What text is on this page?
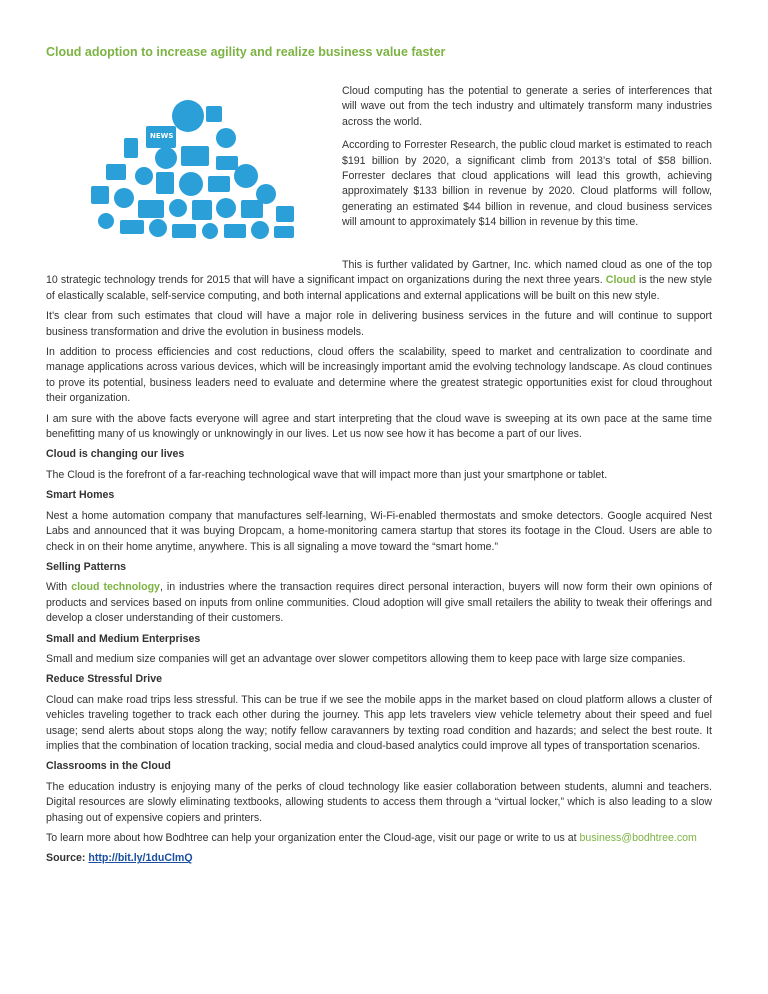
Cloud adoption to increase agility and realize business value faster
NEWS

Cloud computing has the potential to generate a series of interferences that will wave out from the tech industry and ultimately transform many industries across the world.

According to Forrester Research, the public cloud market is estimated to reach $191 billion by 2020, a significant climb from 2013’s total of $58 billion. Forrester declares that cloud applications will lead this growth, achieving approximately $133 billion in revenue by 2020. Cloud platforms will follow, generating an estimated $44 billion in revenue, and cloud business services will amount to approximately $14 billion in revenue by this time.

This is further validated by Gartner, Inc. which named cloud as one of the top 10 strategic technology trends for 2015 that will have a significant impact on organizations during the next three years. Cloud is the new style of elastically scalable, self-service computing, and both internal applications and external applications will be built on this new style.

It’s clear from such estimates that cloud will have a major role in delivering business services in the future and will continue to support business transformation and drive the evolution in business models.

In addition to process efficiencies and cost reductions, cloud offers the scalability, speed to market and centralization to coordinate and manage applications across various devices, which will be increasingly important amid the evolving technology landscape. As cloud continues to prove its potential, business leaders need to evaluate and determine where the greatest strategic opportunities exist for cloud throughout their organization.

I am sure with the above facts everyone will agree and start interpreting that the cloud wave is sweeping at its own pace at the same time benefitting many of us knowingly or unknowingly in our lives. Let us now see how it has become a part of our lives.

Cloud is changing our lives

The Cloud is the forefront of a far-reaching technological wave that will impact more than just your smartphone or tablet.

Smart Homes

Nest a home automation company that manufactures self-learning, Wi-Fi-enabled thermostats and smoke detectors. Google acquired Nest Labs and announced that it was buying Dropcam, a home-monitoring camera startup that stores its footage in the Cloud. Users are able to check in on their home anytime, anywhere. This is all signaling a move toward the “smart home.”

Selling Patterns

With cloud technology, in industries where the transaction requires direct personal interaction, buyers will now form their own opinions of products and services based on inputs from online communities. Cloud adoption will give small retailers the ability to tweak their offerings and develop a closer understanding of their customers.

Small and Medium Enterprises

Small and medium size companies will get an advantage over slower competitors allowing them to keep pace with large size companies.

Reduce Stressful Drive

Cloud can make road trips less stressful. This can be true if we see the mobile apps in the market based on cloud platform allows a cluster of vehicles traveling together to track each other during the journey. This app lets travelers view vehicle telemetry about their speed and fuel usage; send alerts about stops along the way; notify fellow caravanners by texting road condition and hazards; and select the best route. It implies that the combination of location tracking, social media and cloud-based analytics could improve all types of transportation scenarios.

Classrooms in the Cloud

The education industry is enjoying many of the perks of cloud technology like easier collaboration between students, alumni and teachers. Digital resources are slowly eliminating textbooks, allowing students to access them through a “virtual locker,” which is also leading to a slow phasing out of expensive copiers and printers.

To learn more about how Bodhtree can help your organization enter the Cloud-age, visit our page or write to us at business@bodhtree.com

Source: http://bit.ly/1duClmQ
